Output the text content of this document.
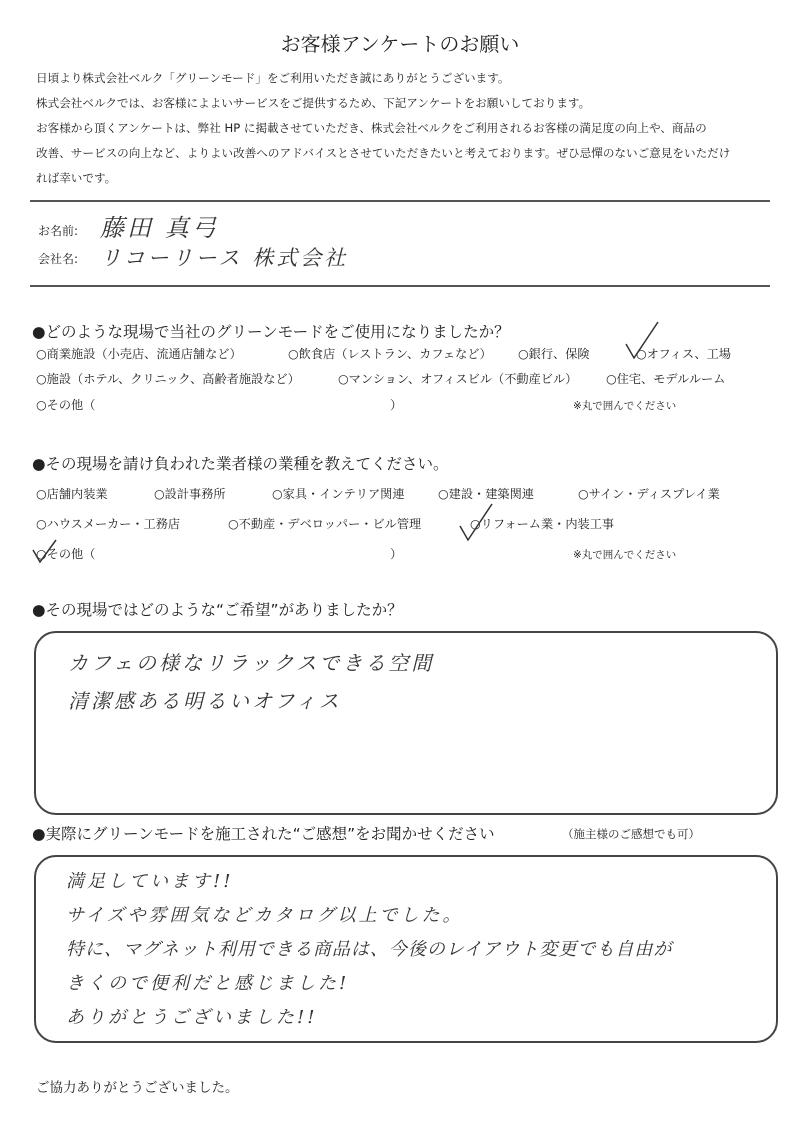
お客様アンケートのお願い
日頃より株式会社ベルク「グリーンモード」をご利用いただき誠にありがとうございます。
株式会社ベルクでは、お客様によよいサービスをご提供するため、下記アンケートをお願いしております。
お客様から頂くアンケートは、弊社 HP に掲載させていただき、株式会社ベルクをご利用されるお客様の満足度の向上や、商品の
改善、サービスの向上など、よりよい改善へのアドバイスとさせていただきたいと考えております。ぜひ忌憚のないご意見をいただけ
れば幸いです。
お名前: 藤田 真弓
会社名: リコーリース 株式会社
●どのような現場で当社のグリーンモードをご使用になりましたか？
○商業施設（小売店、流通店舗など）	○飲食店（レストラン、カフェなど） ○銀行、保険	○オフィス、工場
○施設（ホテル、クリニック、高齢者施設など）	○マンション、オフィスビル（不動産ビル） ○住宅、モデルルーム
○その他（	）	※丸で囲んでください
●その現場を請け負われた業者様の業種を教えてください。
○店舗内装業	○設計事務所	○家具・インテリア関連	○建設・建築関連	○サイン・ディスプレイ業
○ハウスメーカー・工務店	○不動産・デベロッパー・ビル管理	○リフォーム業・内装工事
○その他（	）	※丸で囲んでください
●その現場ではどのような“ご希望”がありましたか？
カフェの様なリラックスできる空間
清潔感ある明るいオフィス
●実際にグリーンモードを施工された“ご感想”をお聞かせください	（施主様のご感想でも可）
満足しています!!
サイズや雰囲気などカタログ以上でした。
特に、マグネット利用できる商品は、今後のレイアウト変更でも自由が
きくので便利だと感じました!
ありがとうございました!!
ご協力ありがとうございました。
